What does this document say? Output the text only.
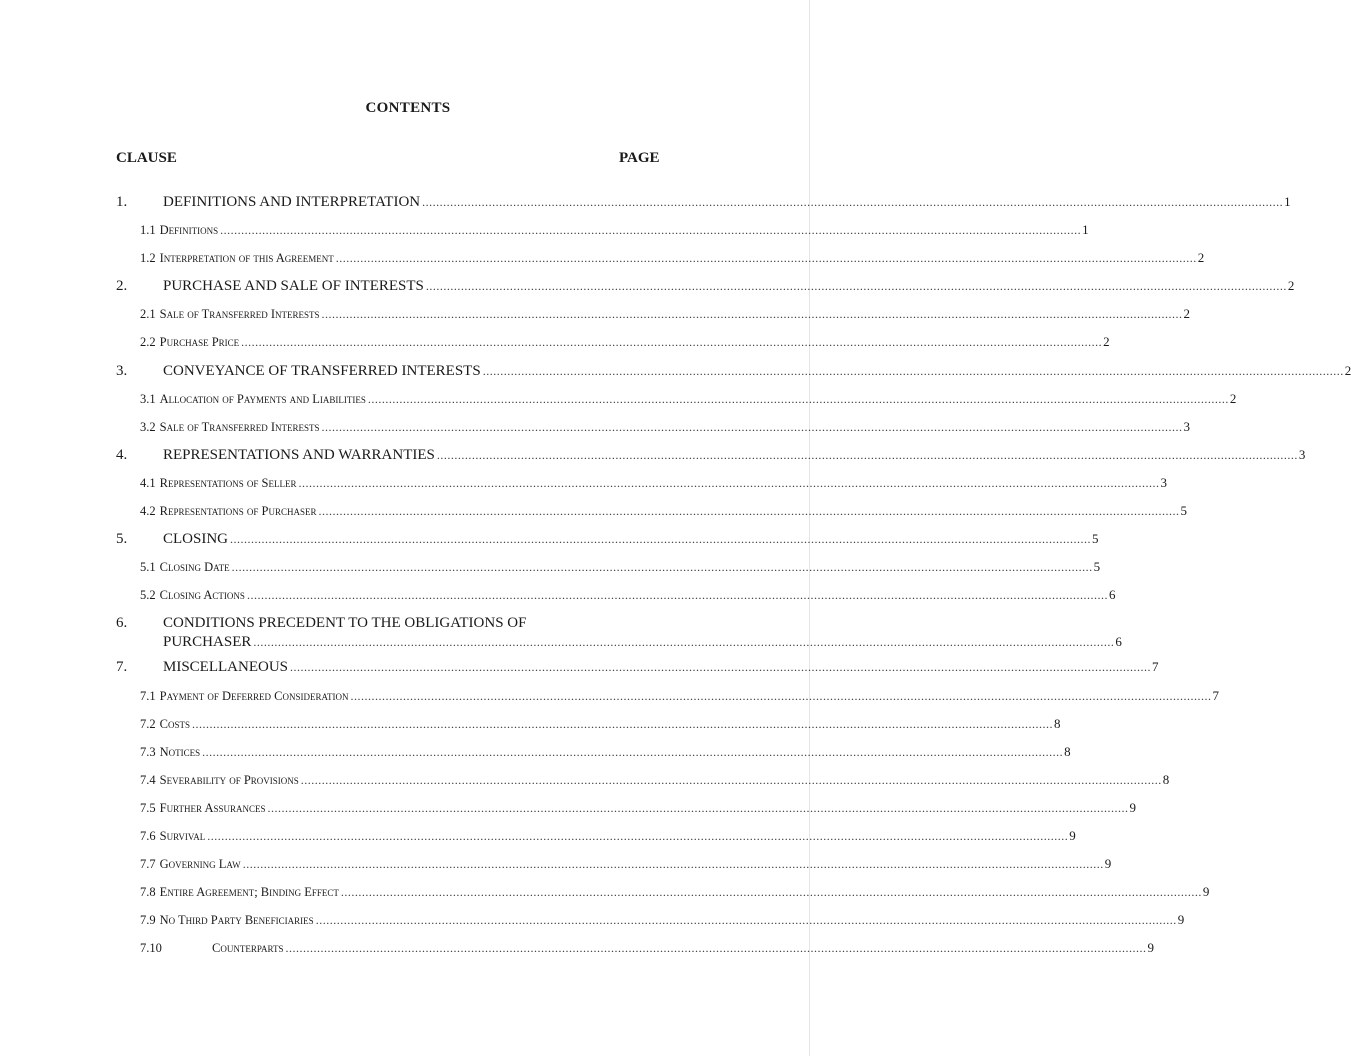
CONTENTS
CLAUSE	PAGE
1.	DEFINITIONS AND INTERPRETATION .....	1
1.1 Definitions .....	1
1.2 Interpretation of this Agreement .....	2
2.	PURCHASE AND SALE OF INTERESTS .....	2
2.1 Sale of Transferred Interests .....	2
2.2 Purchase Price .....	2
3.	CONVEYANCE OF TRANSFERRED INTERESTS .....	2
3.1 Allocation of Payments and Liabilities .....	2
3.2 Sale of Transferred Interests .....	3
4.	REPRESENTATIONS AND WARRANTIES .....	3
4.1 Representations of Seller .....	3
4.2 Representations of Purchaser .....	5
5.	CLOSING .....	5
5.1 Closing Date .....	5
5.2 Closing Actions .....	6
6.	CONDITIONS PRECEDENT TO THE OBLIGATIONS OF
PURCHASER .....	6
7.	MISCELLANEOUS .....	7
7.1 Payment of Deferred Consideration .....	7
7.2 Costs .....	8
7.3 Notices .....	8
7.4 Severability of Provisions .....	8
7.5 Further Assurances .....	9
7.6 Survival .....	9
7.7 Governing Law .....	9
7.8 Entire Agreement; Binding Effect .....	9
7.9 No Third Party Beneficiaries .....	9
7.10	Counterparts .....	9
